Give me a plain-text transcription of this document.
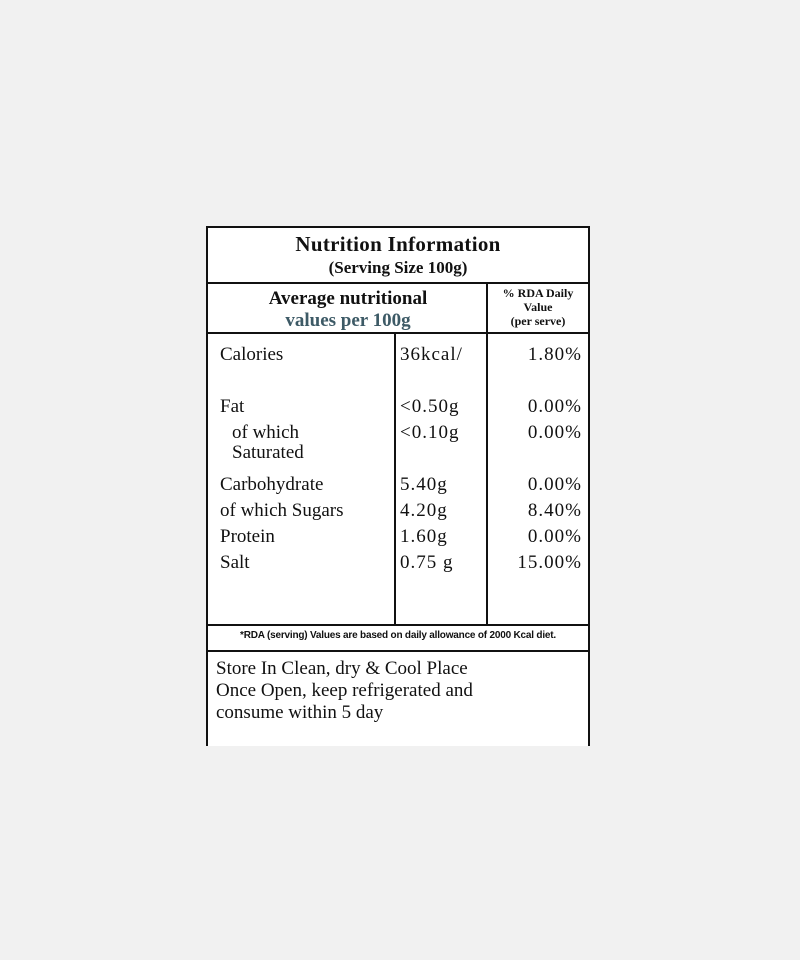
Nutrition Information
(Serving Size 100g)
Average nutritional
values per 100g
% RDA Daily
Value
(per serve)
Calories	36kcal/	1.80%
Fat	<0.50g	0.00%
of which
Saturated
<0.10g	0.00%
Carbohydrate	5.40g	0.00%
of which Sugars	4.20g	8.40%
Protein	1.60g	0.00%
Salt	0.75 g	15.00%
*RDA (serving) Values are based on daily allowance of 2000 Kcal diet.
Store In Clean, dry & Cool Place
Once Open, keep refrigerated and
consume within 5 day
